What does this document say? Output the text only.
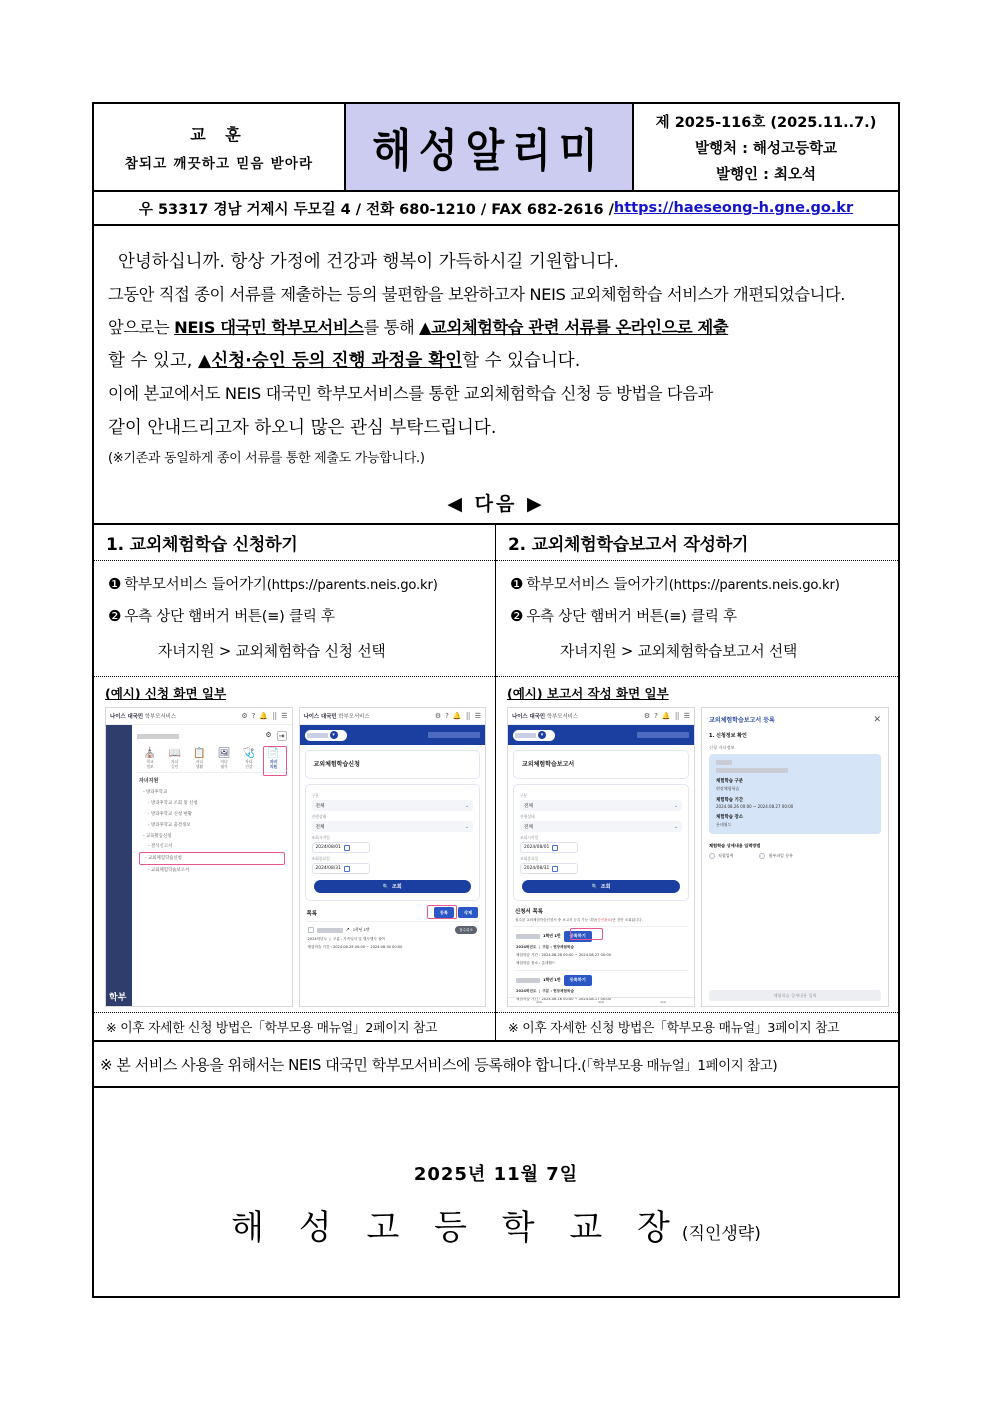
교 훈
참되고 깨끗하고 믿음 받아라 해성알리미
제 2025-116호 (2025.11..7.)
발행처 : 해성고등학교
발행인 : 최오석
우 53317 경남 거제시 두모길 4 / 전화 680-1210 / FAX 682-2616 / https://haeseong-h.gne.go.kr

안녕하십니까. 항상 가정에 건강과 행복이 가득하시길 기원합니다.

그동안 직접 종이 서류를 제출하는 등의 불편함을 보완하고자 NEIS 교외체험학습 서비스가 개편되었습니다.

앞으로는 NEIS 대국민 학부모서비스를 통해 ▲교외체험학습 관련 서류를 온라인으로 제출

할 수 있고, ▲신청·승인 등의 진행 과정을 확인할 수 있습니다.

이에 본교에서도 NEIS 대국민 학부모서비스를 통한 교외체험학습 신청 등 방법을 다음과

같이 안내드리고자 하오니 많은 관심 부탁드립니다.

(※기존과 동일하게 종이 서류를 통한 제출도 가능합니다.)

◀ 다음 ▶
1. 교외체험학습 신청하기
❶ 학부모서비스 들어가기(https://parents.neis.go.kr)
❷ 우측 상단 햄버거 버튼(≡) 클릭 후
자녀지원 > 교외체험학습 신청 선택
(예시) 신청 화면 일부
나이스 대국민 학부모서비스	⚙ ? 🔔 ⣿ ☰
학부
⚙ ⇥
⛪
학교
정보
📖
자녀
승인
📋
자녀
생활
🖼
자녀
평가
🩺
자녀
건강
📄
자녀
지원
자녀지원
- 방과후학교
- 방과후학교 조회 및 신청
- 방과후학교 신청 현황
- 방과후학교 출결정보
- 교육활동신청
- 결석신고서
- 교외체험학습신청
- 교외체험학습보고서
나이스 대국민 학부모서비스	⚙ ? 🔔 ⣿ ☰
▾
교외체험학습신청
구분
전체	⌄
진행상태
전체	⌄
조회시작일
2024/08/01
조회종료일
2024/08/31
🔍 조회
목록	등록	삭제
↗ 1학년 1반	접수취소
2024학년도  |  구분 : 가족일서 및 행사행사 참여
체험학습 기간 : 2024.08.29 00:00 ~ 2024.08.30 00:00
※ 이후 자세한 신청 방법은「학부모용 매뉴얼」2페이지 참고
2. 교외체험학습보고서 작성하기
❶ 학부모서비스 들어가기(https://parents.neis.go.kr)
❷ 우측 상단 햄버거 버튼(≡) 클릭 후
자녀지원 > 교외체험학습보고서 선택
(예시) 보고서 작성 화면 일부
나이스 대국민 학부모서비스	⚙ ? 🔔 ⣿ ☰
▾
교외체험학습보고서
구분
전체	⌄
진행상태
전체	⌄
조회시작일
2024/08/01
조회종료일
2024/08/31
🔍 조회
신청서 목록
접수된 교외체험학습신청서 중 보고서 등록 가능 대상(승인완료)만 건만 조회됩니다.
1학년 1반	등록하기
2024학년도  |  구분 : 현장체험학습
체험학습 기간 : 2024.08.26 00:00 ~ 2024.08.27 00:00
체험학습 장소 : 롯데월드
1학년 1반	등록하기
2024학년도  |  구분 : 현장체험학습
체험학습 기간 : 2024.08.16 00:00 ~ 2024.08.17 00:00
▬▬	▬▬	▬▬
교외체험학습보고서 등록	✕
1. 신청정보 확인
신청 자녀정보
체험학습 구분
현장체험학습
체험학습 기간
2024.08.26 00:00 ~ 2024.08.27 00:00
체험학습 장소
롯데월드
체험학습 상세내용 입력방법
직접입력	첨부파일 등록
체험학습 상세내용 입력
※ 이후 자세한 신청 방법은「학부모용 매뉴얼」3페이지 참고
※ 본 서비스 사용을 위해서는 NEIS 대국민 학부모서비스에 등록해야 합니다. (「학부모용 매뉴얼」1페이지 참고)
2025년 11월 7일
해 성 고 등 학 교 장(직인생략)
